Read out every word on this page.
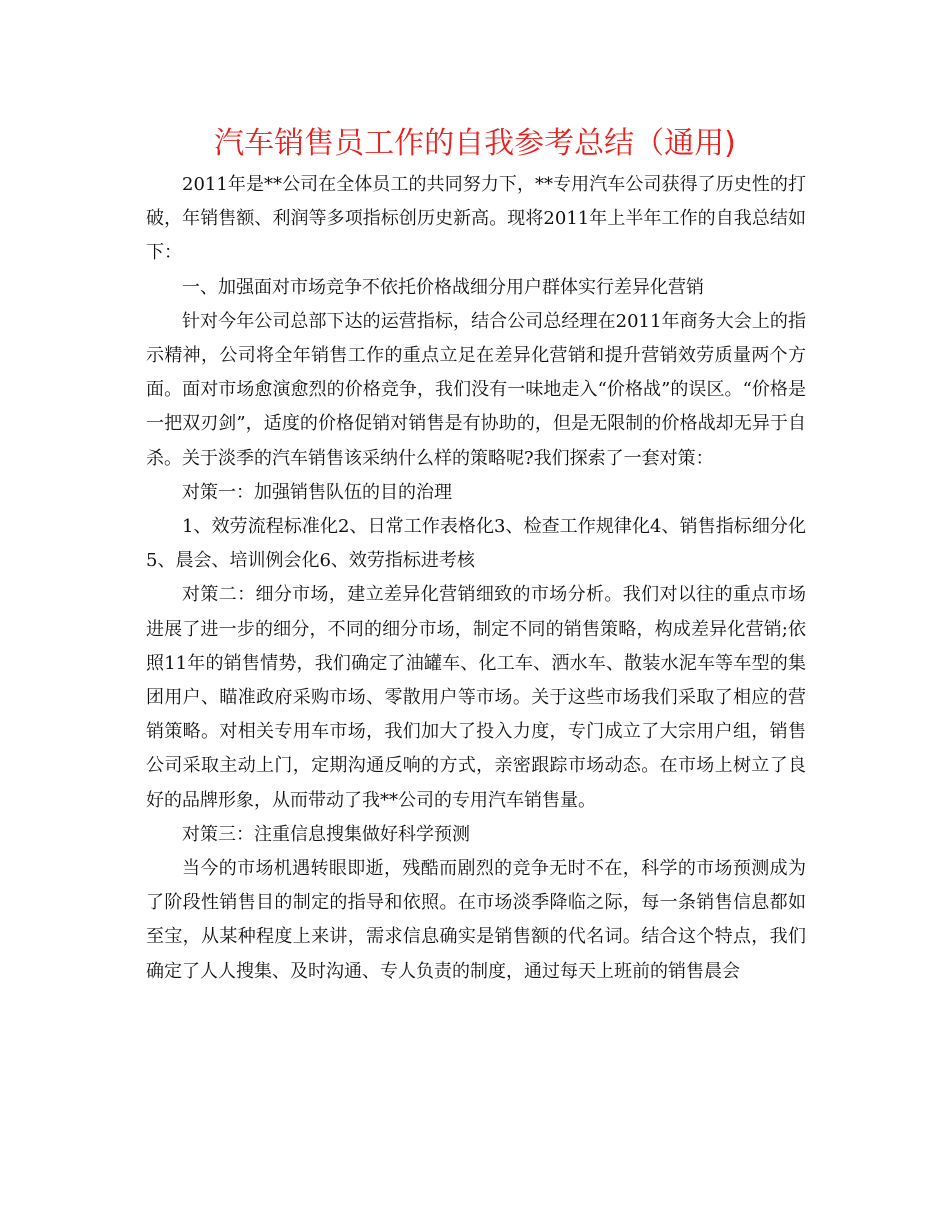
汽车销售员工作的自我参考总结（通用)

2011年是**公司在全体员工的共同努力下，**专用汽车公司获得了历史性的打破，年销售额、利润等多项指标创历史新高。现将2011年上半年工作的自我总结如下：

一、加强面对市场竞争不依托价格战细分用户群体实行差异化营销

针对今年公司总部下达的运营指标，结合公司总经理在2011年商务大会上的指示精神，公司将全年销售工作的重点立足在差异化营销和提升营销效劳质量两个方面。面对市场愈演愈烈的价格竞争，我们没有一味地走入“价格战”的误区。“价格是一把双刃剑”，适度的价格促销对销售是有协助的，但是无限制的价格战却无异于自杀。关于淡季的汽车销售该采纳什么样的策略呢?我们探索了一套对策：

对策一：加强销售队伍的目的治理

1、效劳流程标准化2、日常工作表格化3、检查工作规律化4、销售指标细分化5、晨会、培训例会化6、效劳指标进考核

对策二：细分市场，建立差异化营销细致的市场分析。我们对以往的重点市场进展了进一步的细分，不同的细分市场，制定不同的销售策略，构成差异化营销;依照11年的销售情势，我们确定了油罐车、化工车、洒水车、散装水泥车等车型的集团用户、瞄准政府采购市场、零散用户等市场。关于这些市场我们采取了相应的营销策略。对相关专用车市场，我们加大了投入力度，专门成立了大宗用户组，销售公司采取主动上门，定期沟通反响的方式，亲密跟踪市场动态。在市场上树立了良好的品牌形象，从而带动了我**公司的专用汽车销售量。

对策三：注重信息搜集做好科学预测

当今的市场机遇转眼即逝，残酷而剧烈的竞争无时不在，科学的市场预测成为了阶段性销售目的制定的指导和依照。在市场淡季降临之际，每一条销售信息都如至宝，从某种程度上来讲，需求信息确实是销售额的代名词。结合这个特点，我们确定了人人搜集、及时沟通、专人负责的制度，通过每天上班前的销售晨会
